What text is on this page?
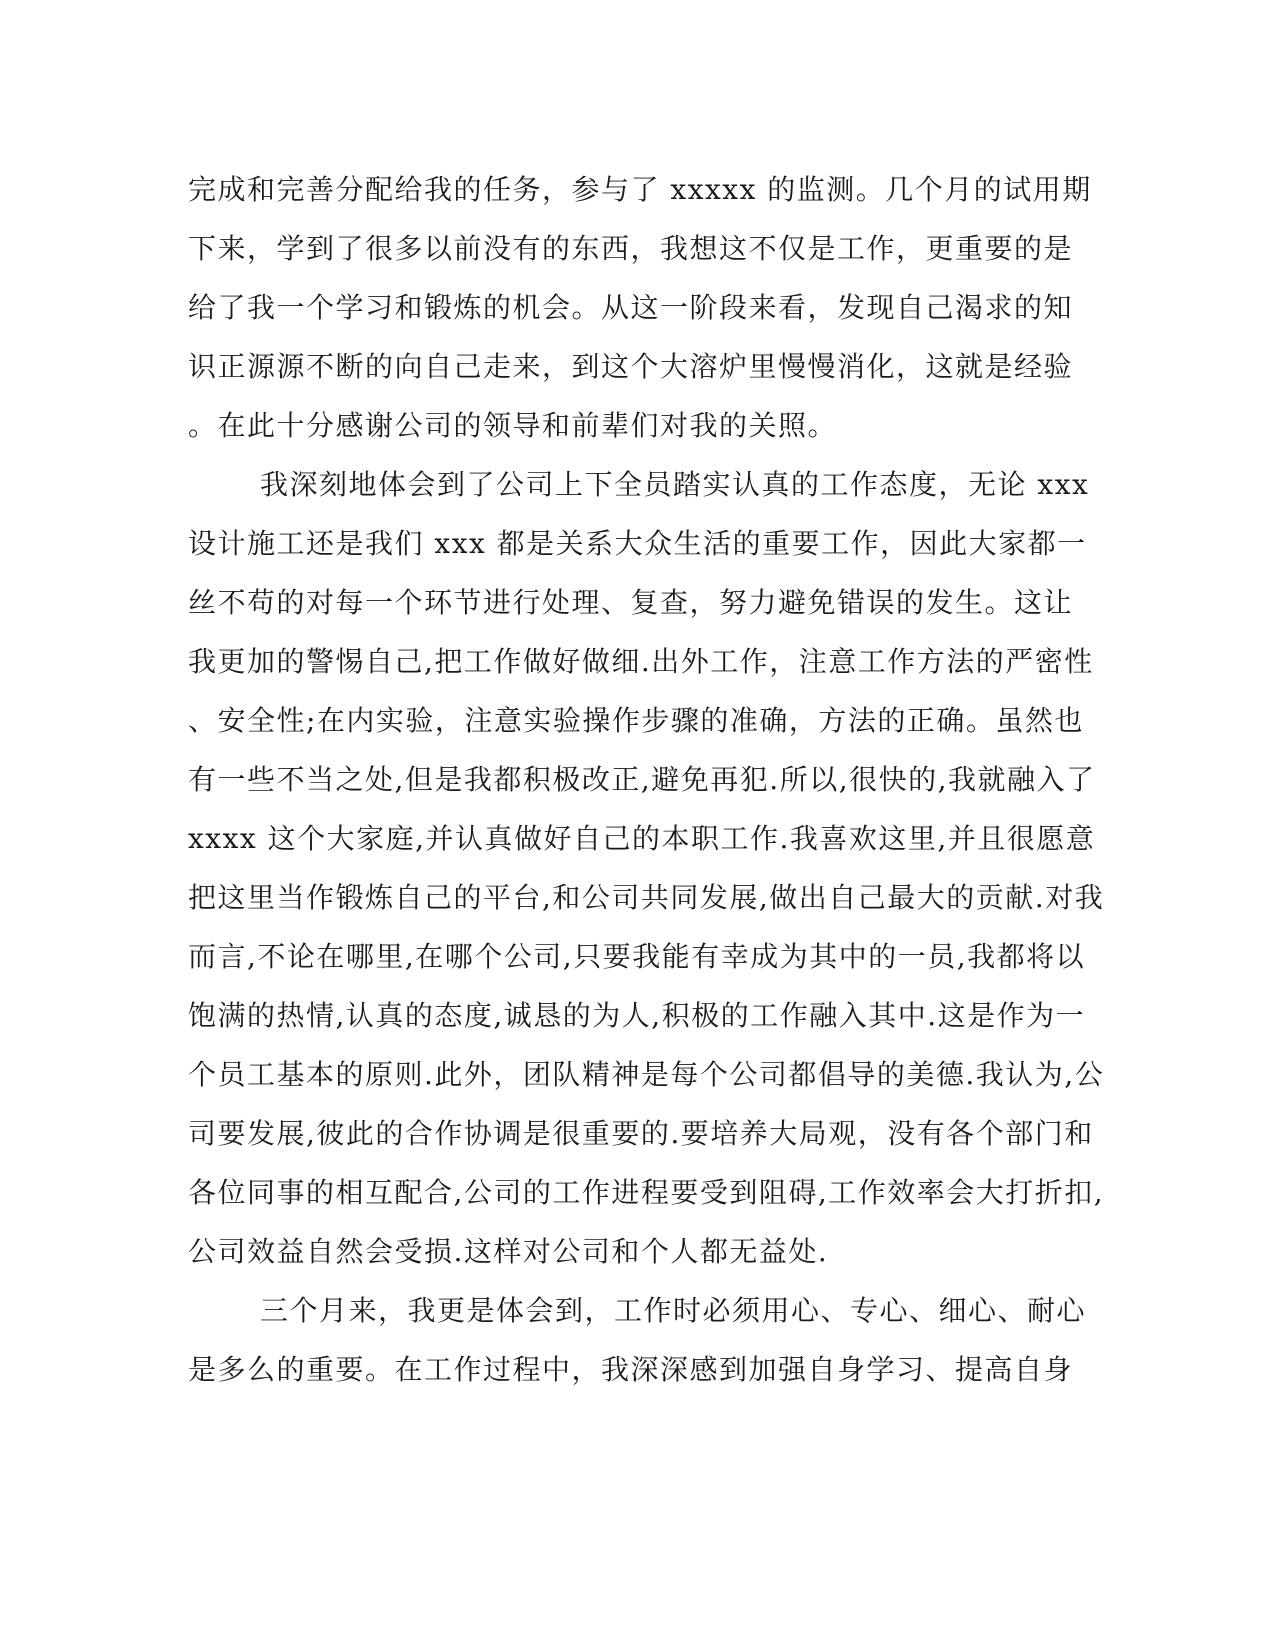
完成和完善分配给我的任务，参与了 xxxxx 的监测。几个月的试用期
下来，学到了很多以前没有的东西，我想这不仅是工作，更重要的是
给了我一个学习和锻炼的机会。从这一阶段来看，发现自己渴求的知
识正源源不断的向自己走来，到这个大溶炉里慢慢消化，这就是经验
。在此十分感谢公司的领导和前辈们对我的关照。
我深刻地体会到了公司上下全员踏实认真的工作态度，无论 xxx
设计施工还是我们 xxx 都是关系大众生活的重要工作，因此大家都一
丝不苟的对每一个环节进行处理、复查，努力避免错误的发生。这让
我更加的警惕自己,把工作做好做细.出外工作，注意工作方法的严密性
、安全性;在内实验，注意实验操作步骤的准确，方法的正确。虽然也
有一些不当之处,但是我都积极改正,避免再犯.所以,很快的,我就融入了
xxxx 这个大家庭,并认真做好自己的本职工作.我喜欢这里,并且很愿意
把这里当作锻炼自己的平台,和公司共同发展,做出自己最大的贡献.对我
而言,不论在哪里,在哪个公司,只要我能有幸成为其中的一员,我都将以
饱满的热情,认真的态度,诚恳的为人,积极的工作融入其中.这是作为一
个员工基本的原则.此外，团队精神是每个公司都倡导的美德.我认为,公
司要发展,彼此的合作协调是很重要的.要培养大局观，没有各个部门和
各位同事的相互配合,公司的工作进程要受到阻碍,工作效率会大打折扣,
公司效益自然会受损.这样对公司和个人都无益处.
三个月来，我更是体会到，工作时必须用心、专心、细心、耐心
是多么的重要。在工作过程中，我深深感到加强自身学习、提高自身
